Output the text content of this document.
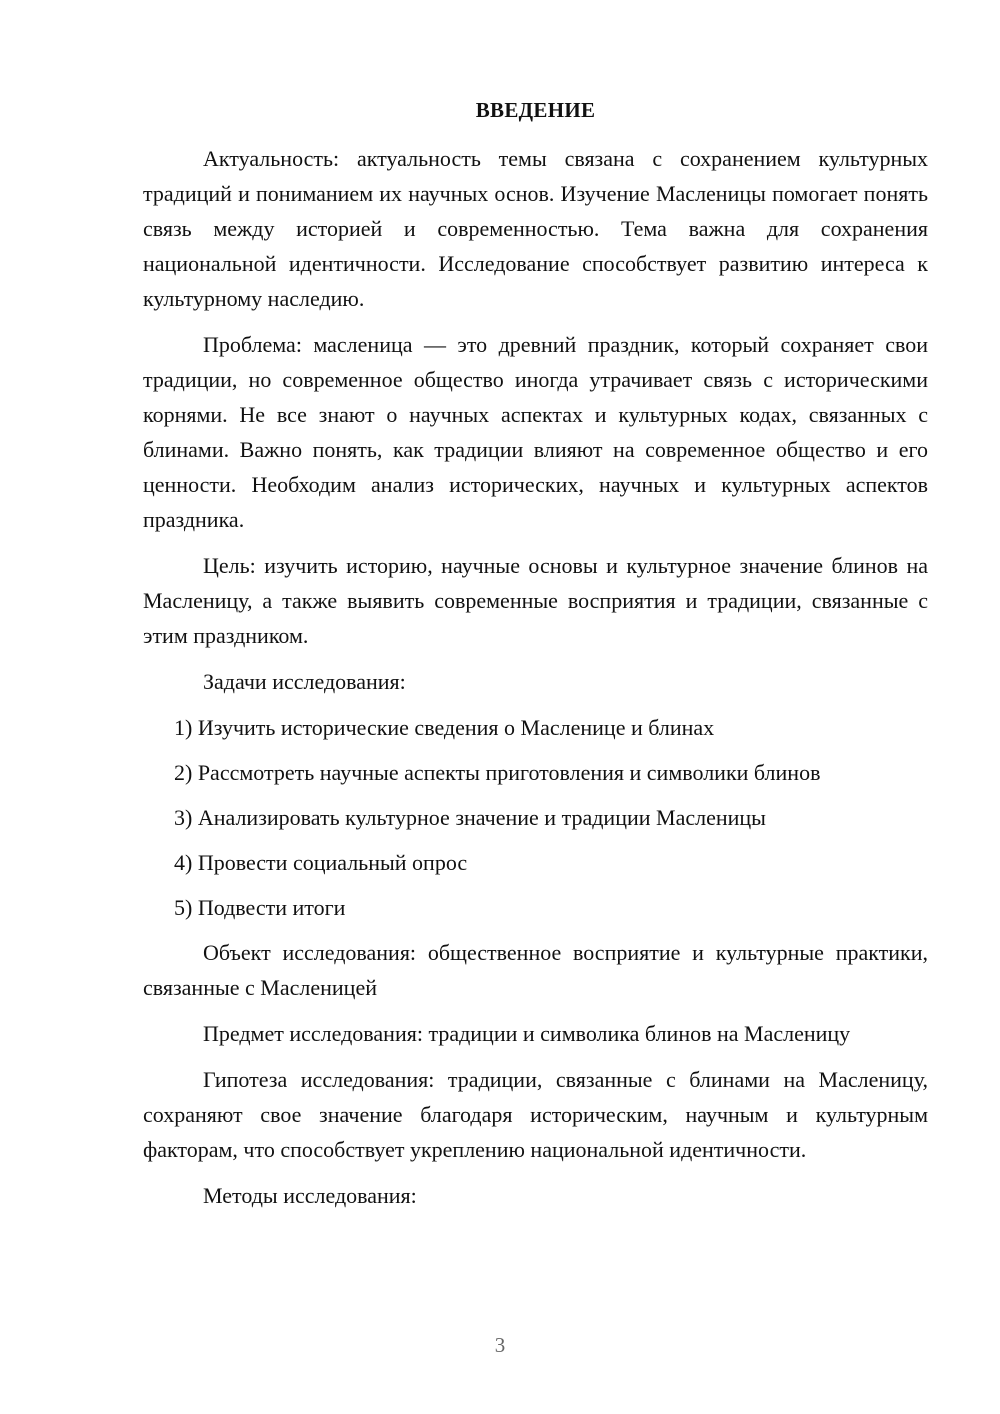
ВВЕДЕНИЕ

Актуальность: актуальность темы связана с сохранением культурных традиций и пониманием их научных основ. Изучение Масленицы помогает понять связь между историей и современностью. Тема важна для сохранения национальной идентичности. Исследование способствует развитию интереса к культурному наследию.

Проблема: масленица — это древний праздник, который сохраняет свои традиции, но современное общество иногда утрачивает связь с историческими корнями. Не все знают о научных аспектах и культурных кодах, связанных с блинами. Важно понять, как традиции влияют на современное общество и его ценности. Необходим анализ исторических, научных и культурных аспектов праздника.

Цель: изучить историю, научные основы и культурное значение блинов на Масленицу, а также выявить современные восприятия и традиции, связанные с этим праздником.

Задачи исследования:

1) Изучить исторические сведения о Масленице и блинах
2) Рассмотреть научные аспекты приготовления и символики блинов
3) Анализировать культурное значение и традиции Масленицы
4) Провести социальный опрос
5) Подвести итоги

Объект исследования: общественное восприятие и культурные практики, связанные с Масленицей

Предмет исследования: традиции и символика блинов на Масленицу

Гипотеза исследования: традиции, связанные с блинами на Масленицу, сохраняют свое значение благодаря историческим, научным и культурным факторам, что способствует укреплению национальной идентичности.

Методы исследования:

3
